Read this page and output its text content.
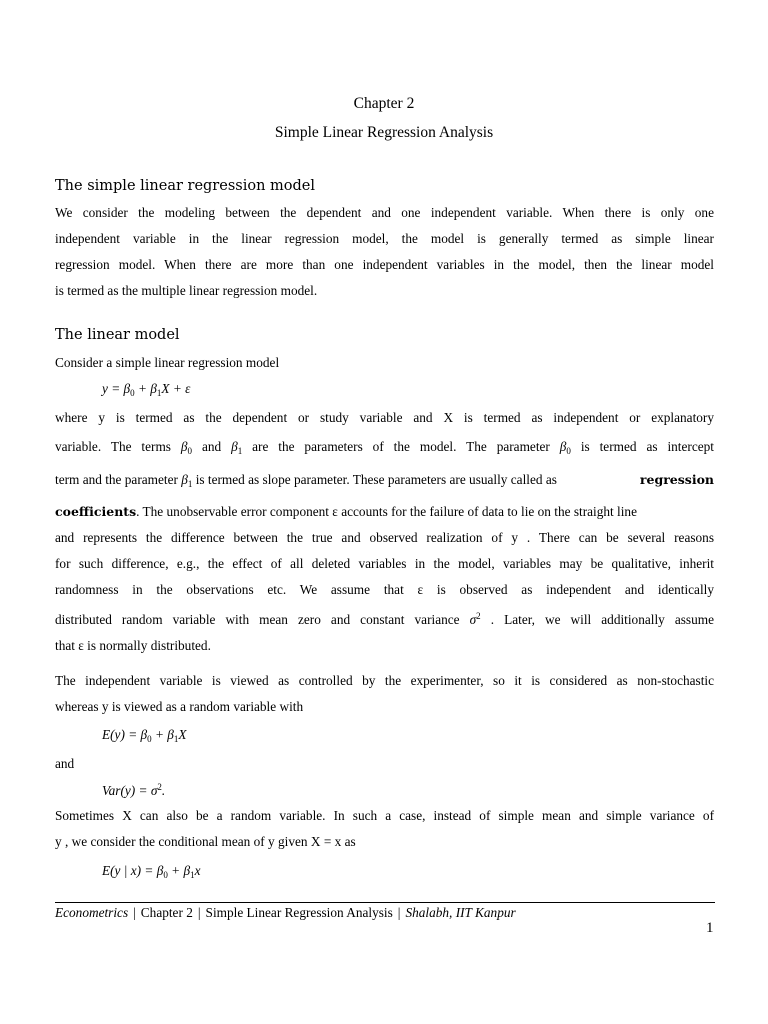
Chapter 2
Simple Linear Regression Analysis
The simple linear regression model
We consider the modeling between the dependent and one independent variable. When there is only one
independent variable in the linear regression model, the model is generally termed as simple linear
regression model. When there are more than one independent variables in the model, then the linear model
is termed as the multiple linear regression model.
The linear model
Consider a simple linear regression model
$y = \beta_0 + \beta_1X + \varepsilon$
where y is termed as the dependent or study variable and X is termed as independent or explanatory
variable. The terms $\beta_0$ and $\beta_1$ are the parameters of the model. The parameter $\beta_0$ is termed as intercept
term and the parameter $\beta_1$ is termed as slope parameter. These parameters are usually called as	regression
coefficients. The unobservable error component ε accounts for the failure of data to lie on the straight line
and represents the difference between the true and observed realization of y . There can be several reasons
for such difference, e.g., the effect of all deleted variables in the model, variables may be qualitative, inherit
randomness in the observations etc. We assume that ε is observed as independent and identically
distributed random variable with mean zero and constant variance $\sigma^2$ . Later, we will additionally assume
that ε is normally distributed.
The independent variable is viewed as controlled by the experimenter, so it is considered as non-stochastic
whereas y is viewed as a random variable with
$E(y) = \beta_0 + \beta_1X$
and
$Var(y) = \sigma^2$.
Sometimes X can also be a random variable. In such a case, instead of simple mean and simple variance of
y , we consider the conditional mean of y given X = x as
E(y | $x) = \beta_0 + \beta_1x$
Econometrics | Chapter 2 | Simple Linear Regression Analysis | Shalabh, IIT Kanpur
1
